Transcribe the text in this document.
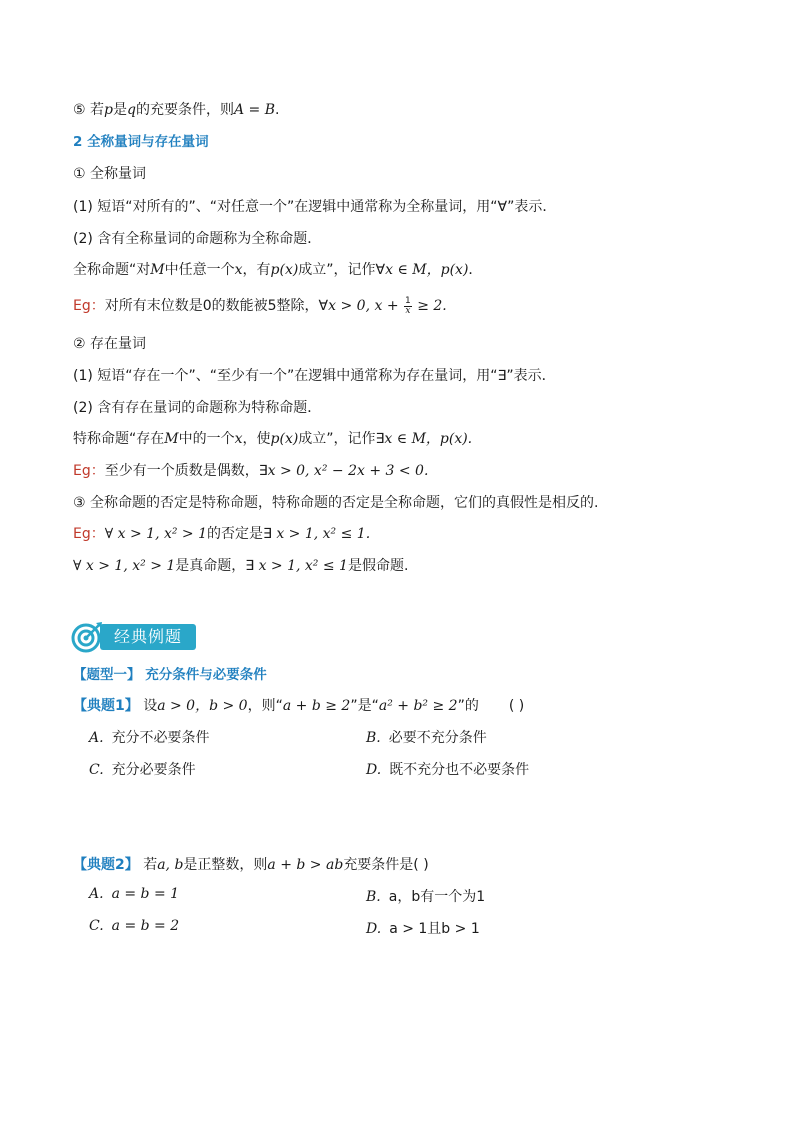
⑤ 若p是q的充要条件，则A = B.
2 全称量词与存在量词
① 全称量词
(1) 短语“对所有的”、“对任意一个”在逻辑中通常称为全称量词，用“∀”表示．
(2) 含有全称量词的命题称为全称命题．
全称命题“对M中任意一个x，有p(x)成立”，记作∀x ∈ M，p(x)．
Eg：对所有末位数是0的数能被5整除，∀x > 0, $x + \frac{1}{x} \ge 2$.
② 存在量词
(1) 短语“存在一个”、“至少有一个”在逻辑中通常称为存在量词，用“∃”表示．
(2) 含有存在量词的命题称为特称命题．
特称命题“存在M中的一个x，使p(x)成立”，记作∃x ∈ M，p(x).
Eg：至少有一个质数是偶数，∃x > 0, x² − 2x + 3 < 0.
③ 全称命题的否定是特称命题，特称命题的否定是全称命题，它们的真假性是相反的.
Eg：∀ x > 1, x² > 1的否定是∃ x > 1, x² ≤ 1.
∀ x > 1, x² > 1是真命题，∃ x > 1, x² ≤ 1是假命题.
经典例题
【题型一】 充分条件与必要条件
【典题1】 设a > 0，b > 0，则“a + b ≥ 2”是“a² + b² ≥ 2”的 ( )
A. 充分不必要条件	B. 必要不充分条件
C. 充分必要条件	D. 既不充分也不必要条件
【典题2】 若a, b是正整数，则a + b > ab充要条件是( )
A. a = b = 1	B. a，b有一个为1
C. a = b = 2	D. a > 1且b > 1
